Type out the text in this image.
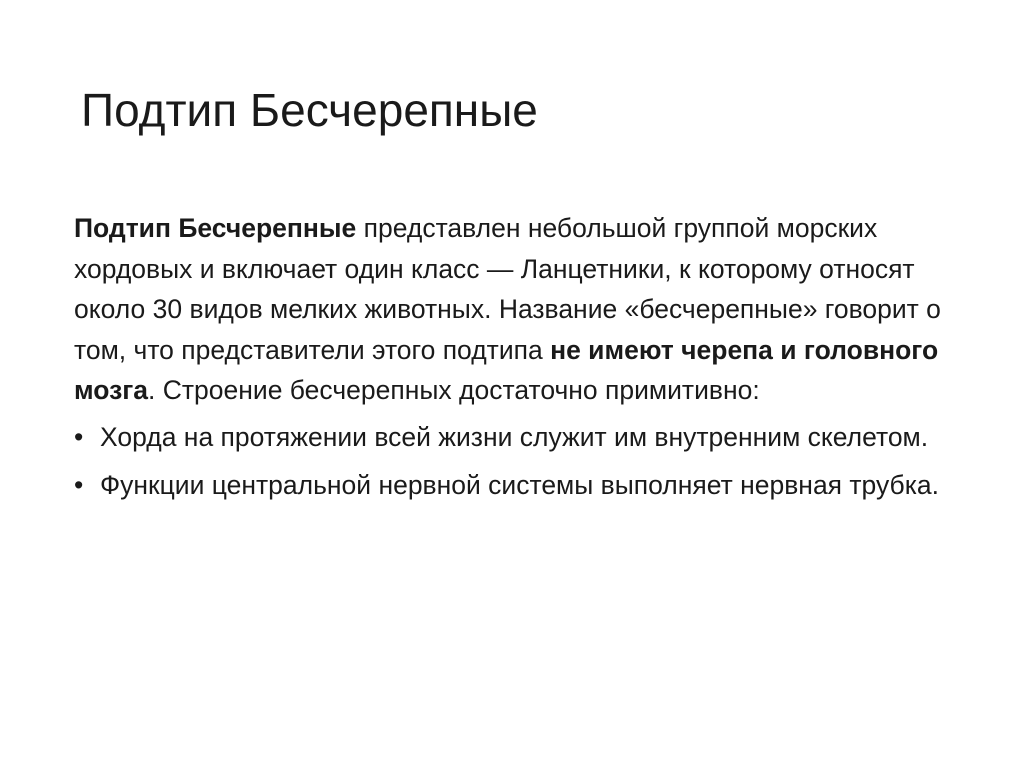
Подтип Бесчерепные

Подтип Бесчерепные представлен небольшой группой морских хордовых и включает один класс — Ланцетники, к которому относят около 30 видов мелких животных. Название «бесчерепные» говорит о том, что представители этого подтипа не имеют черепа и головного мозга. Строение бесчерепных достаточно примитивно:

• Хорда на протяжении всей жизни служит им внутренним скелетом.
• Функции центральной нервной системы выполняет нервная трубка.
